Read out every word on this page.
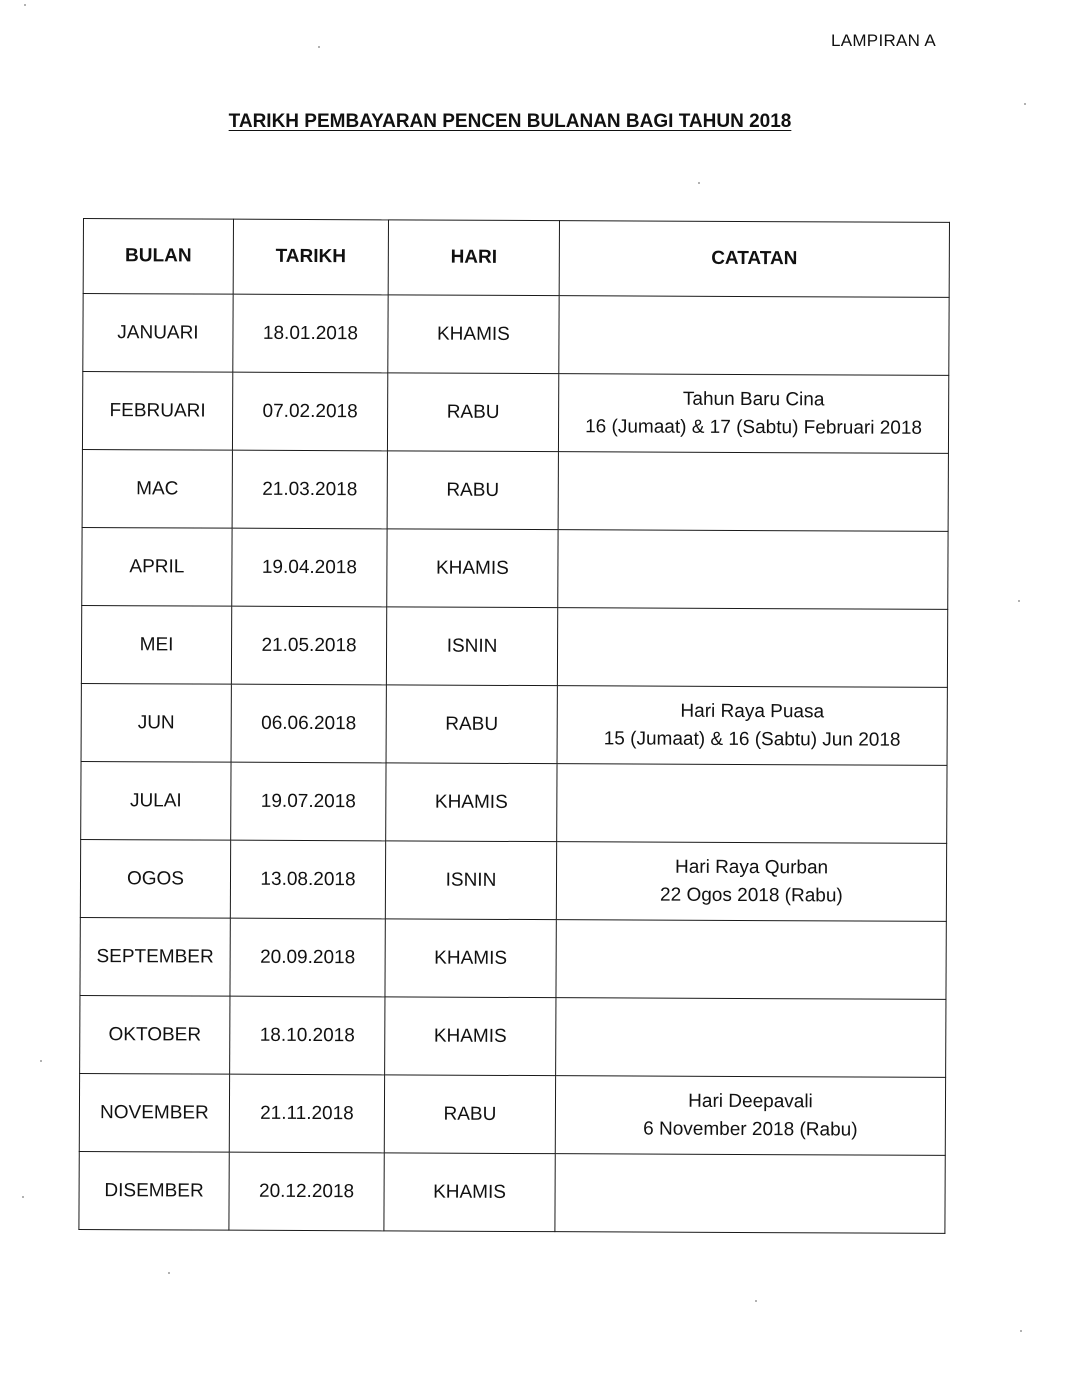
LAMPIRAN A
TARIKH PEMBAYARAN PENCEN BULANAN BAGI TAHUN 2018
BULAN	TARIKH	HARI	CATATAN
JANUARI	18.01.2018	KHAMIS	

FEBRUARI	07.02.2018	RABU	Tahun Baru Cina
16 (Jumaat) & 17 (Sabtu) Februari 2018

MAC	21.03.2018	RABU	

APRIL	19.04.2018	KHAMIS	

MEI	21.05.2018	ISNIN	

JUN	06.06.2018	RABU	Hari Raya Puasa
15 (Jumaat) & 16 (Sabtu) Jun 2018

JULAI	19.07.2018	KHAMIS	

OGOS	13.08.2018	ISNIN	Hari Raya Qurban
22 Ogos 2018 (Rabu)

SEPTEMBER	20.09.2018	KHAMIS	

OKTOBER	18.10.2018	KHAMIS	

NOVEMBER	21.11.2018	RABU	Hari Deepavali
6 November 2018 (Rabu)

DISEMBER	20.12.2018	KHAMIS	
